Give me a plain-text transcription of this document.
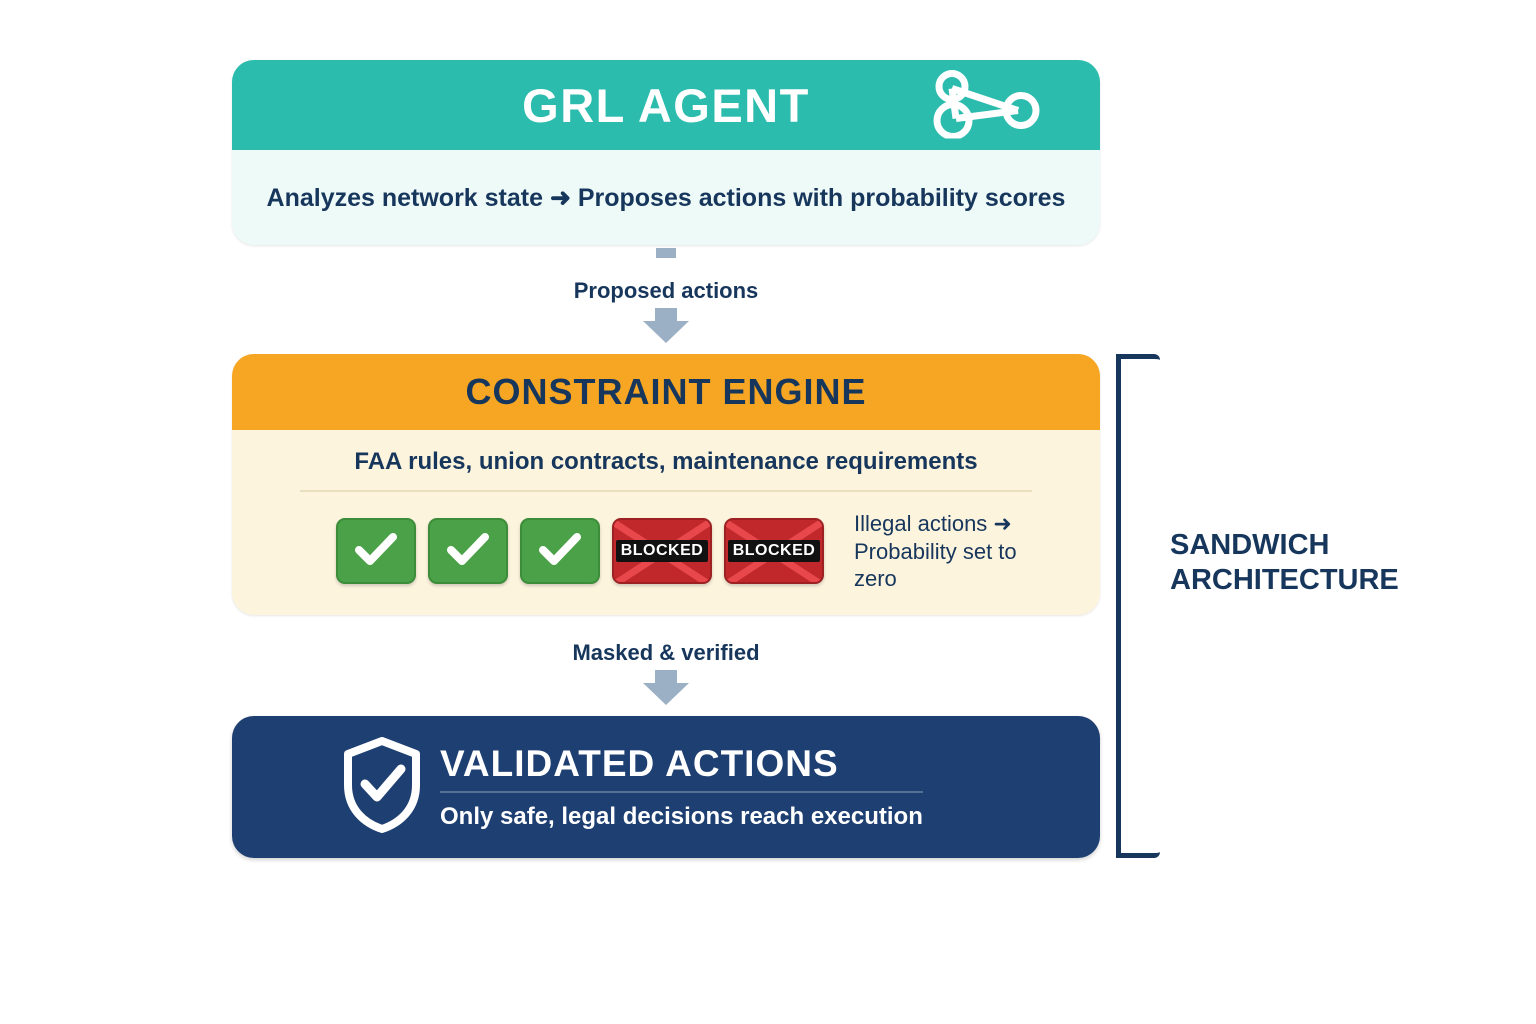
GRL AGENT
Analyzes network state ➜ Proposes actions with probability scores
Proposed actions
CONSTRAINT ENGINE
FAA rules, union contracts, maintenance requirements
BLOCKED	BLOCKED
Illegal actions ➜ Probability set to zero
Masked & verified
VALIDATED ACTIONS
Only safe, legal decisions reach execution
SANDWICH
ARCHITECTURE
